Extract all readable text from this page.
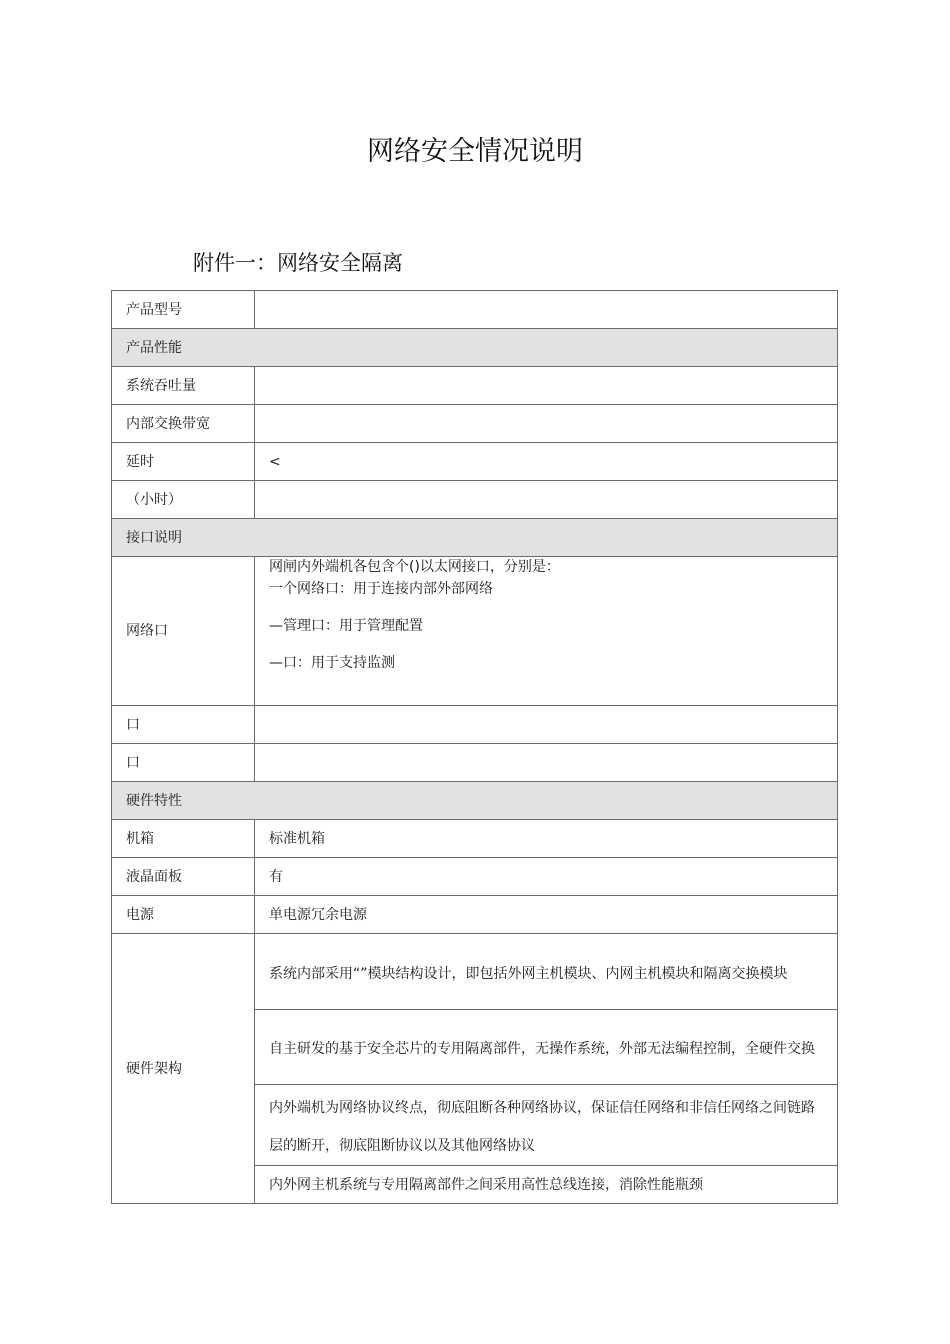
网络安全情况说明
附件一：网络安全隔离
产品型号	
产品性能	
系统吞吐量	
内部交换带宽	
延时	<
（小时）	
接口说明	
网络口	网闸内外端机各包含个()以太网接口，分别是：
一个网络口：用于连接内部外部网络
—管理口：用于管理配置
—口：用于支持监测

口	
口	
硬件特性	
机箱	标准机箱
液晶面板	有
电源	单电源冗余电源
硬件架构	系统内部采用“”模块结构设计，即包括外网主机模块、内网主机模块和隔离交换模块
	自主研发的基于安全芯片的专用隔离部件，无操作系统，外部无法编程控制，全硬件交换
	内外端机为网络协议终点，彻底阻断各种网络协议，保证信任网络和非信任网络之间链路层的断开，彻底阻断协议以及其他网络协议
	内外网主机系统与专用隔离部件之间采用高性总线连接，消除性能瓶颈
